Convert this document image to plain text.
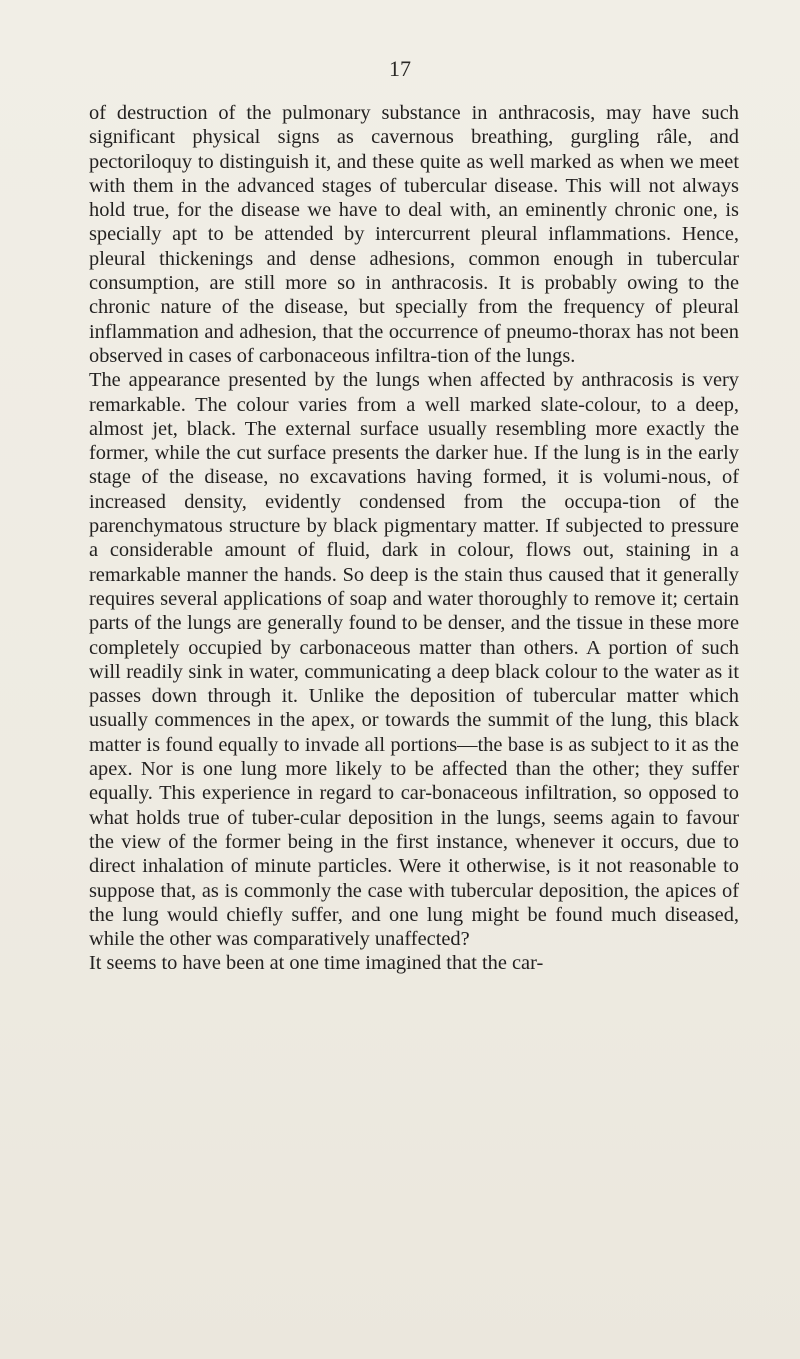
17

of destruction of the pulmonary substance in anthracosis, may have such significant physical signs as cavernous breathing, gurgling râle, and pectoriloquy to distinguish it, and these quite as well marked as when we meet with them in the advanced stages of tubercular disease. This will not always hold true, for the disease we have to deal with, an eminently chronic one, is specially apt to be attended by intercurrent pleural inflammations. Hence, pleural thickenings and dense adhesions, common enough in tubercular consumption, are still more so in anthracosis. It is probably owing to the chronic nature of the disease, but specially from the frequency of pleural inflammation and adhesion, that the occurrence of pneumo-thorax has not been observed in cases of carbonaceous infiltra-tion of the lungs.

The appearance presented by the lungs when affected by anthracosis is very remarkable. The colour varies from a well marked slate-colour, to a deep, almost jet, black. The external surface usually resembling more exactly the former, while the cut surface presents the darker hue. If the lung is in the early stage of the disease, no excavations having formed, it is volumi-nous, of increased density, evidently condensed from the occupa-tion of the parenchymatous structure by black pigmentary matter. If subjected to pressure a considerable amount of fluid, dark in colour, flows out, staining in a remarkable manner the hands. So deep is the stain thus caused that it generally requires several applications of soap and water thoroughly to remove it; certain parts of the lungs are generally found to be denser, and the tissue in these more completely occupied by carbonaceous matter than others. A portion of such will readily sink in water, communicating a deep black colour to the water as it passes down through it. Unlike the deposition of tubercular matter which usually commences in the apex, or towards the summit of the lung, this black matter is found equally to invade all portions—the base is as subject to it as the apex. Nor is one lung more likely to be affected than the other; they suffer equally. This experience in regard to car-bonaceous infiltration, so opposed to what holds true of tuber-cular deposition in the lungs, seems again to favour the view of the former being in the first instance, whenever it occurs, due to direct inhalation of minute particles. Were it otherwise, is it not reasonable to suppose that, as is commonly the case with tubercular deposition, the apices of the lung would chiefly suffer, and one lung might be found much diseased, while the other was comparatively unaffected?

It seems to have been at one time imagined that the car-
